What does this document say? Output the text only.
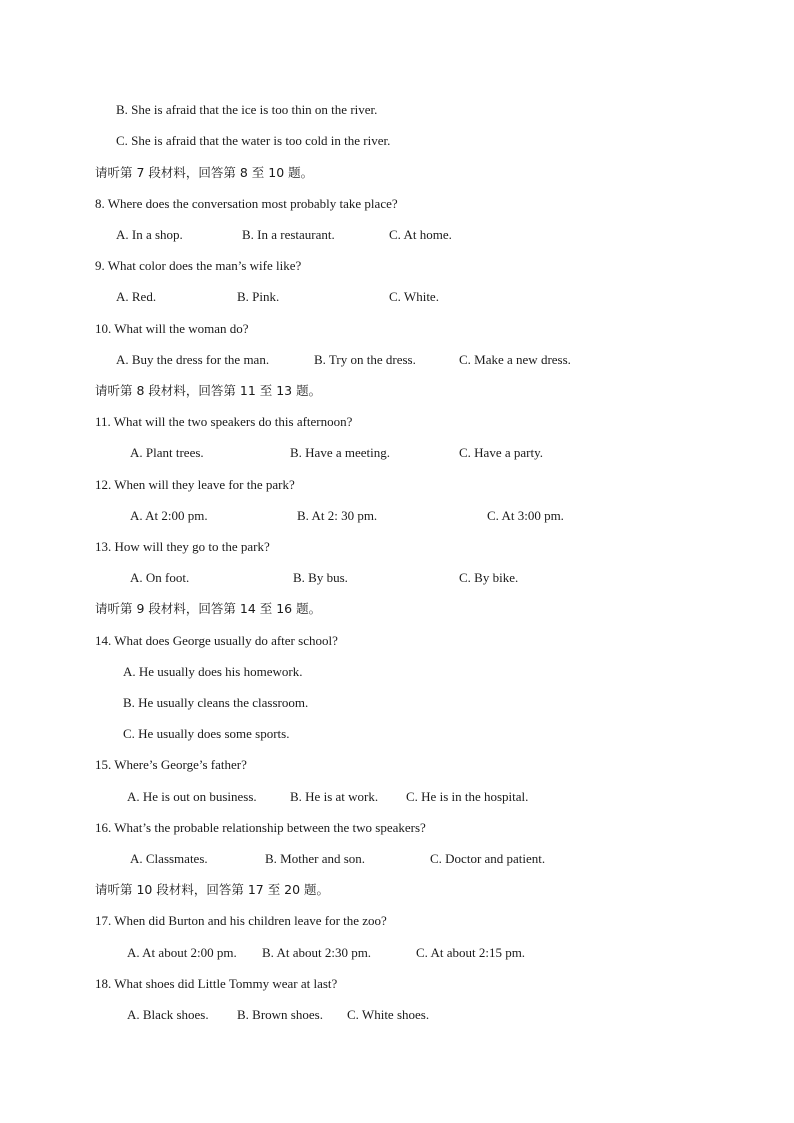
B. She is afraid that the ice is too thin on the river.
C. She is afraid that the water is too cold in the river.
请听第 7 段材料，回答第 8 至 10 题。
8. Where does the conversation most probably take place?
A. In a shop.	B. In a restaurant.	C. At home.
9. What color does the man’s wife like?
A. Red.	B. Pink.	C. White.
10. What will the woman do?
A. Buy the dress for the man.	B. Try on the dress.	C. Make a new dress.
请听第 8 段材料，回答第 11 至 13 题。
11. What will the two speakers do this afternoon?
A. Plant trees.	B. Have a meeting.	C. Have a party.
12. When will they leave for the park?
A. At 2:00 pm.	B. At 2: 30 pm.	C. At 3:00 pm.
13. How will they go to the park?
A. On foot.	B. By bus.	C. By bike.
请听第 9 段材料，回答第 14 至 16 题。
14. What does George usually do after school?
A. He usually does his homework.
B. He usually cleans the classroom.
C. He usually does some sports.
15. Where’s George’s father?
A. He is out on business.	B. He is at work. C. He is in the hospital.
16. What’s the probable relationship between the two speakers?
A. Classmates.	B. Mother and son.	C. Doctor and patient.
请听第 10 段材料，回答第 17 至 20 题。
17. When did Burton and his children leave for the zoo?
A. At about 2:00 pm. B. At about 2:30 pm.	C. At about 2:15 pm.
18. What shoes did Little Tommy wear at last?
A. Black shoes. B. Brown shoes. C. White shoes.
